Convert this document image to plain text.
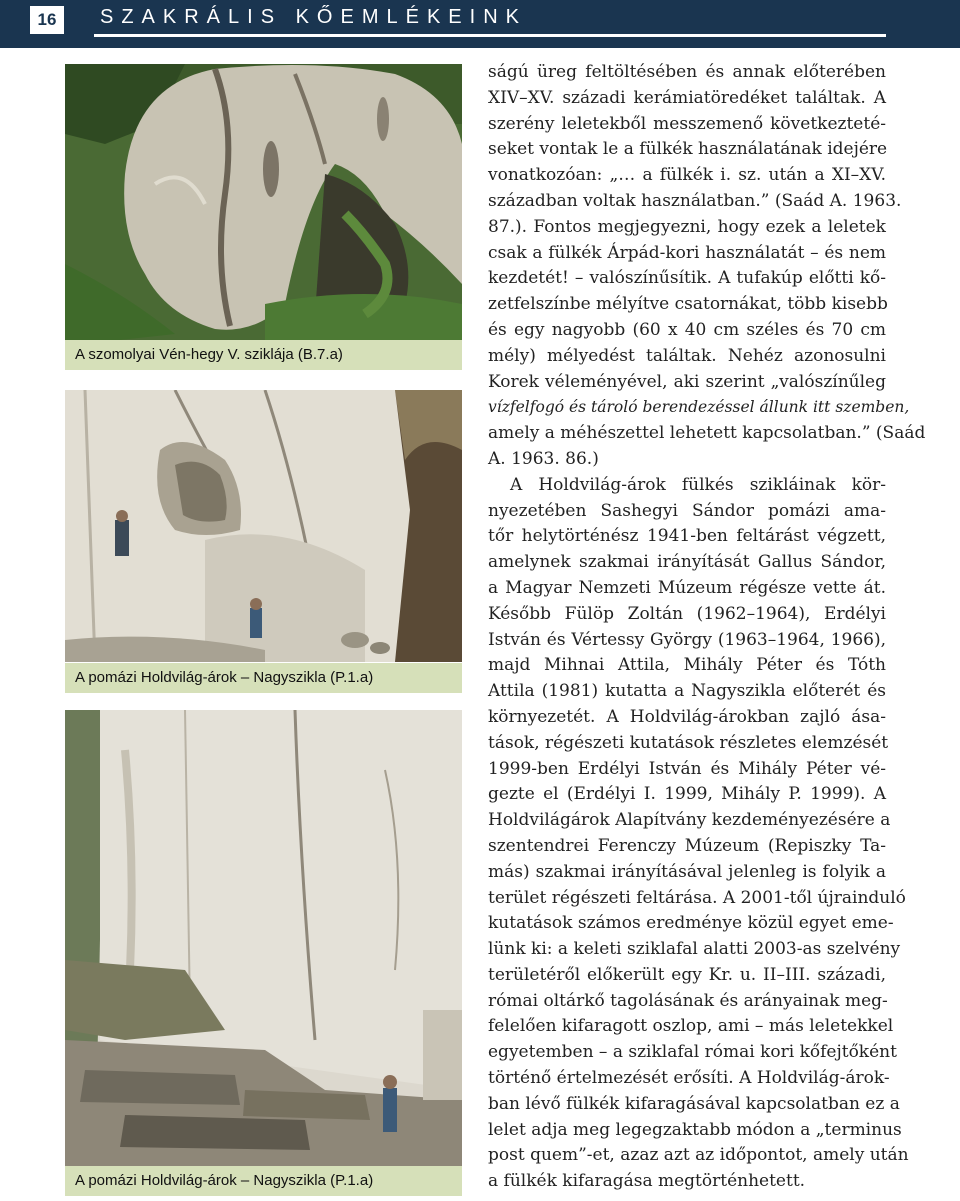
16	SZAKRÁLIS KŐEMLÉKEINK
A szomolyai Vén-hegy V. sziklája (B.7.a)
A pomázi Holdvilág-árok – Nagyszikla (P.1.a)
A pomázi Holdvilág-árok – Nagyszikla (P.1.a)
ságú üreg feltöltésében és annak előterében
XIV–XV. századi kerámiatöredéket találtak. A
szerény leletekből messzemenő következteté-
seket vontak le a fülkék használatának idejére
vonatkozóan: „… a fülkék i. sz. után a XI–XV.
században voltak használatban.” (Saád A. 1963.
87.). Fontos megjegyezni, hogy ezek a leletek
csak a fülkék Árpád-kori használatát – és nem
kezdetét! – valószínűsítik. A tufakúp előtti kő-
zetfelszínbe mélyítve csatornákat, több kisebb
és egy nagyobb (60 x 40 cm széles és 70 cm
mély) mélyedést találtak. Nehéz azonosulni
Korek véleményével, aki szerint „valószínűleg
vízfelfogó és tároló berendezéssel állunk itt szemben,
amely a méhészettel lehetett kapcsolatban.” (Saád
A. 1963. 86.)
A Holdvilág-árok fülkés szikláinak kör-
nyezetében Sashegyi Sándor pomázi ama-
tőr helytörténész 1941-ben feltárást végzett,
amelynek szakmai irányítását Gallus Sándor,
a Magyar Nemzeti Múzeum régésze vette át.
Később Fülöp Zoltán (1962–1964), Erdélyi
István és Vértessy György (1963–1964, 1966),
majd Mihnai Attila, Mihály Péter és Tóth
Attila (1981) kutatta a Nagyszikla előterét és
környezetét. A Holdvilág-árokban zajló ása-
tások, régészeti kutatások részletes elemzését
1999-ben Erdélyi István és Mihály Péter vé-
gezte el (Erdélyi I. 1999, Mihály P. 1999). A
Holdvilágárok Alapítvány kezdeményezésére a
szentendrei Ferenczy Múzeum (Repiszky Ta-
más) szakmai irányításával jelenleg is folyik a
terület régészeti feltárása. A 2001-től újrainduló
kutatások számos eredménye közül egyet eme-
lünk ki: a keleti sziklafal alatti 2003-as szelvény
területéről előkerült egy Kr. u. II–III. századi,
római oltárkő tagolásának és arányainak meg-
felelően kifaragott oszlop, ami – más leletekkel
egyetemben – a sziklafal római kori kőfejtőként
történő értelmezését erősíti. A Holdvilág-árok-
ban lévő fülkék kifaragásával kapcsolatban ez a
lelet adja meg legegzaktabb módon a „terminus
post quem”-et, azaz azt az időpontot, amely után
a fülkék kifaragása megtörténhetett.
